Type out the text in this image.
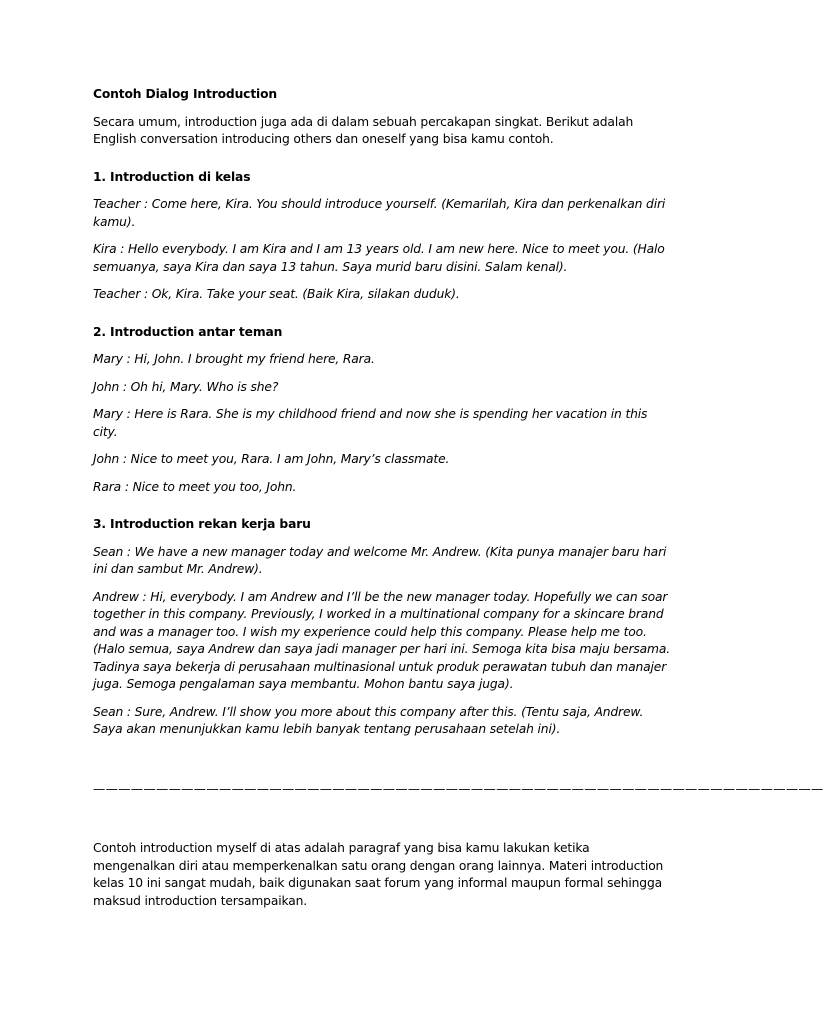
Contoh Dialog Introduction

Secara umum, introduction juga ada di dalam sebuah percakapan singkat. Berikut adalah English conversation introducing others dan oneself yang bisa kamu contoh.

1. Introduction di kelas

Teacher : Come here, Kira. You should introduce yourself. (Kemarilah, Kira dan perkenalkan diri kamu).

Kira : Hello everybody. I am Kira and I am 13 years old. I am new here. Nice to meet you. (Halo semuanya, saya Kira dan saya 13 tahun. Saya murid baru disini. Salam kenal).

Teacher : Ok, Kira. Take your seat. (Baik Kira, silakan duduk).

2. Introduction antar teman

Mary : Hi, John. I brought my friend here, Rara.

John : Oh hi, Mary. Who is she?

Mary : Here is Rara. She is my childhood friend and now she is spending her vacation in this city.

John : Nice to meet you, Rara. I am John, Mary’s classmate.

Rara : Nice to meet you too, John.

3. Introduction rekan kerja baru

Sean : We have a new manager today and welcome Mr. Andrew. (Kita punya manajer baru hari ini dan sambut Mr. Andrew).

Andrew : Hi, everybody. I am Andrew and I’ll be the new manager today. Hopefully we can soar together in this company. Previously, I worked in a multinational company for a skincare brand and was a manager too. I wish my experience could help this company. Please help me too. (Halo semua, saya Andrew dan saya jadi manager per hari ini. Semoga kita bisa maju bersama. Tadinya saya bekerja di perusahaan multinasional untuk produk perawatan tubuh dan manajer juga. Semoga pengalaman saya membantu. Mohon bantu saya juga).

Sean : Sure, Andrew. I’ll show you more about this company after this. (Tentu saja, Andrew. Saya akan menunjukkan kamu lebih banyak tentang perusahaan setelah ini).

——————————————————————————————————————————————————————————

Contoh introduction myself di atas adalah paragraf yang bisa kamu lakukan ketika mengenalkan diri atau memperkenalkan satu orang dengan orang lainnya. Materi introduction kelas 10 ini sangat mudah, baik digunakan saat forum yang informal maupun formal sehingga maksud introduction tersampaikan.
